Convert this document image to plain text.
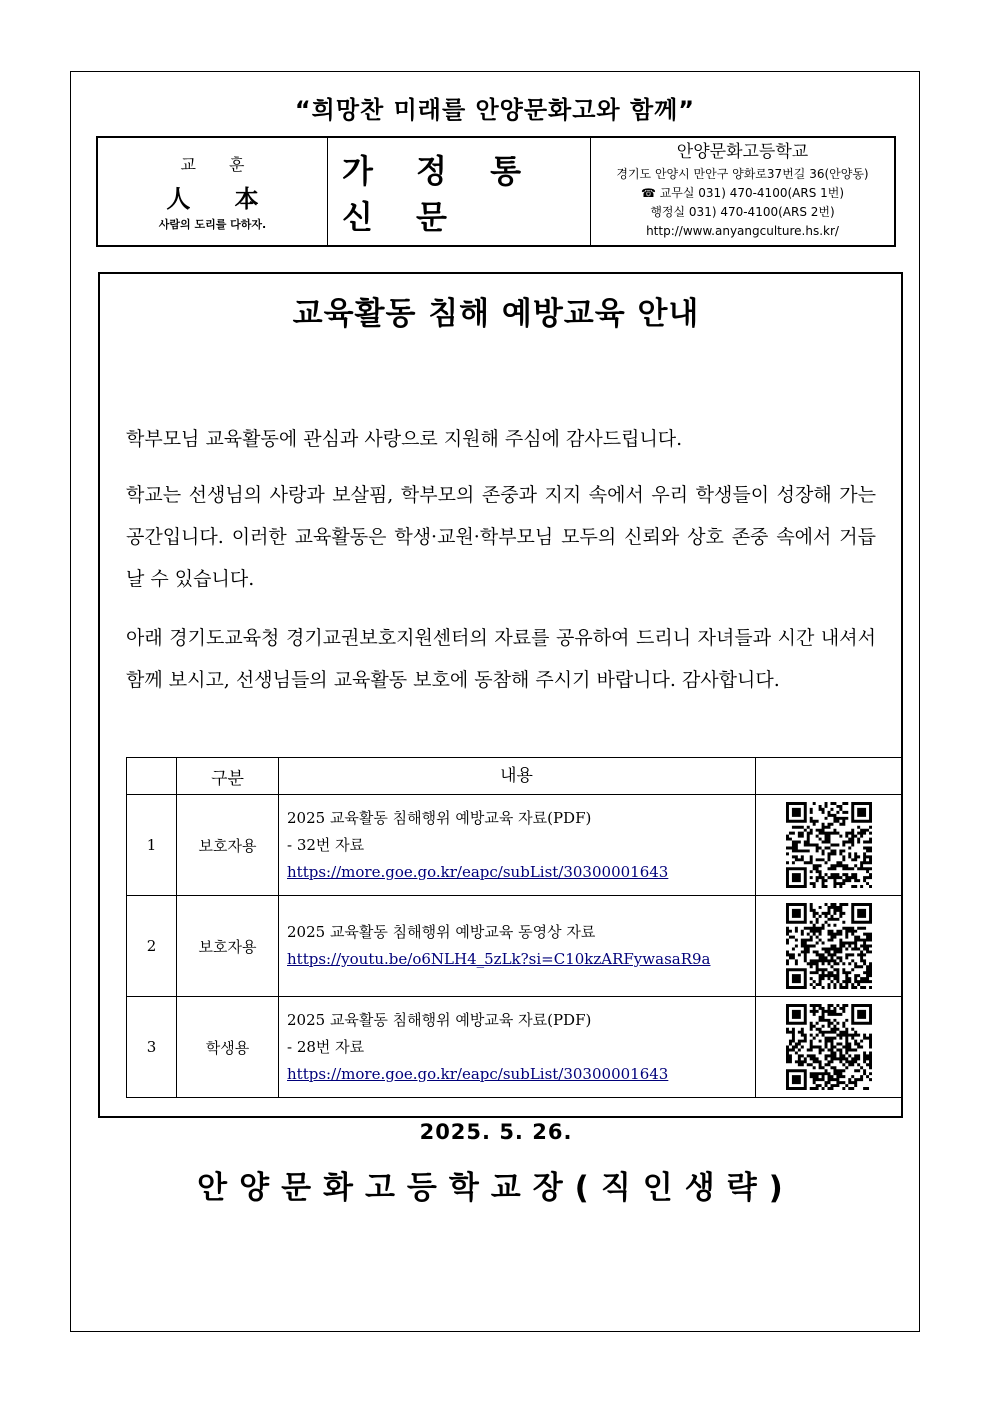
“희망찬 미래를 안양문화고와 함께”
교 훈
人 本
사람의 도리를 다하자.
가 정 통 신 문
안양문화고등학교
경기도 안양시 만안구 양화로37번길 36(안양동)
☎ 교무실 031) 470-4100(ARS 1번)
행정실 031) 470-4100(ARS 2번)
http://www.anyangculture.hs.kr/
교육활동 침해 예방교육 안내

학부모님 교육활동에 관심과 사랑으로 지원해 주심에 감사드립니다.

학교는 선생님의 사랑과 보살핌, 학부모의 존중과 지지 속에서 우리 학생들이 성장해 가는 공간입니다. 이러한 교육활동은 학생·교원·학부모님 모두의 신뢰와 상호 존중 속에서 거듭날 수 있습니다.

아래 경기도교육청 경기교권보호지원센터의 자료를 공유하여 드리니 자녀들과 시간 내셔서 함께 보시고, 선생님들의 교육활동 보호에 동참해 주시기 바랍니다. 감사합니다.

	구분	내용	
1	보호자용	2025 교육활동 침해행위 예방교육 자료(PDF)
- 32번 자료
https://more.goe.go.kr/eapc/subList/30300001643

2	보호자용	2025 교육활동 침해행위 예방교육 동영상 자료
https://youtu.be/o6NLH4_5zLk?si=C10kzARFywasaR9a

3	학생용	2025 교육활동 침해행위 예방교육 자료(PDF)
- 28번 자료
https://more.goe.go.kr/eapc/subList/30300001643

2025. 5. 26.
안양문화고등학교장(직인생략)
